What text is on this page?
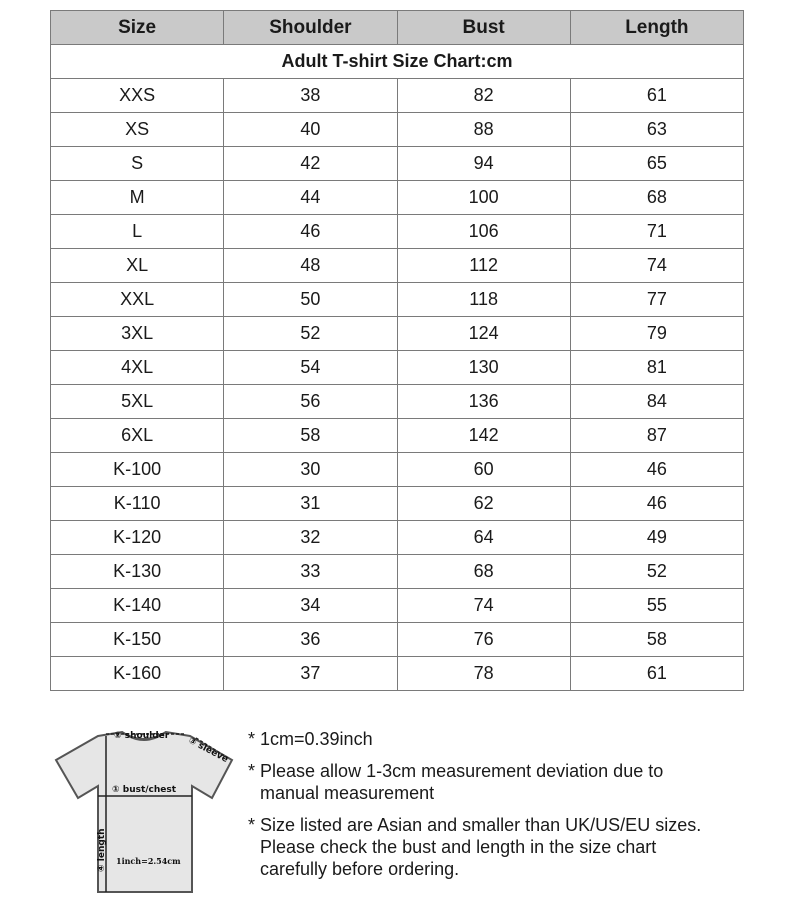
Size	Shoulder	Bust	Length
Adult T-shirt Size Chart:cm			
XXS	38	82	61
XS	40	88	63
S	42	94	65
M	44	100	68
L	46	106	71
XL	48	112	74
XXL	50	118	77
3XL	52	124	79
4XL	54	130	81
5XL	56	136	84
6XL	58	142	87
K-100	30	60	46
K-110	31	62	46
K-120	32	64	49
K-130	33	68	52
K-140	34	74	55
K-150	36	76	58
K-160	37	78	61
② shoulder ③ sleeve
① bust/chest
④ length 1inch=2.54cm
* 1cm=0.39inch
* Please allow 1-3cm measurement deviation due to
manual measurement
* Size listed are Asian and smaller than UK/US/EU sizes.
Please check the bust and length in the size chart
carefully before ordering.
